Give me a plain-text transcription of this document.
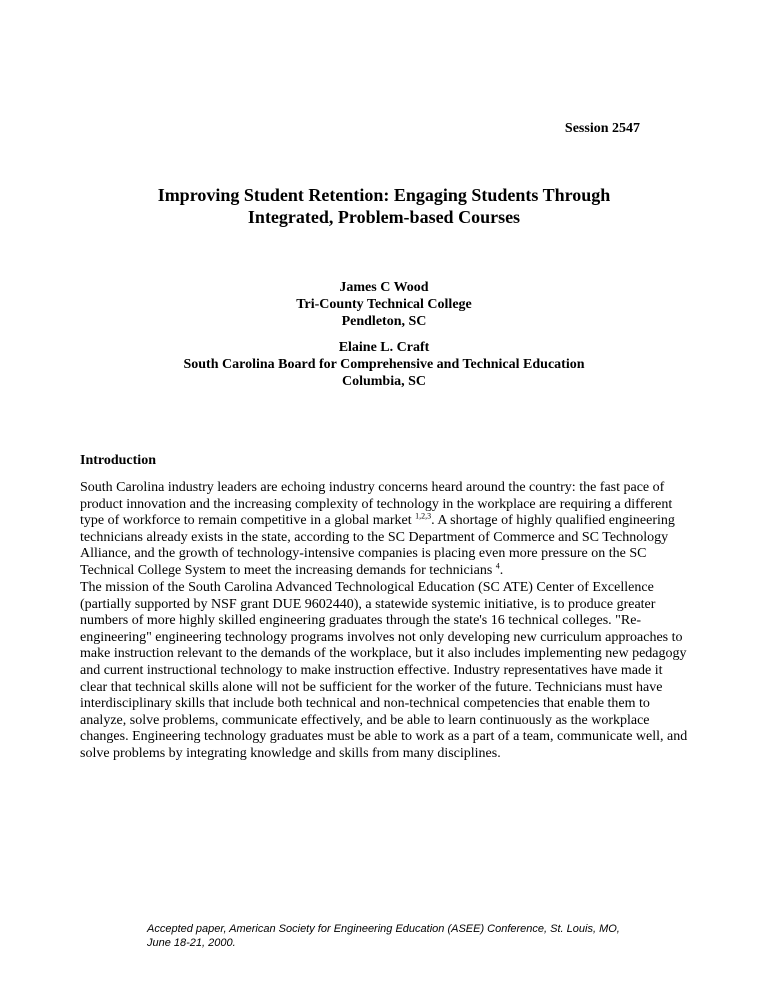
Session 2547
Improving Student Retention: Engaging Students Through
Integrated, Problem-based Courses
James C Wood
Tri-County Technical College
Pendleton, SC
Elaine L. Craft
South Carolina Board for Comprehensive and Technical Education
Columbia, SC
Introduction

South Carolina industry leaders are echoing industry concerns heard around the country: the fast pace of product innovation and the increasing complexity of technology in the workplace are requiring a different type of workforce to remain competitive in a global market $^{1,2,3}$. A shortage of highly qualified engineering technicians already exists in the state, according to the SC Department of Commerce and SC Technology Alliance, and the growth of technology-intensive companies is placing even more pressure on the SC Technical College System to meet the increasing demands for technicians $^4$.

The mission of the South Carolina Advanced Technological Education (SC ATE) Center of Excellence (partially supported by NSF grant DUE 9602440), a statewide systemic initiative, is to produce greater numbers of more highly skilled engineering graduates through the state's 16 technical colleges. "Re-engineering" engineering technology programs involves not only developing new curriculum approaches to make instruction relevant to the demands of the workplace, but it also includes implementing new pedagogy and current instructional technology to make instruction effective. Industry representatives have made it clear that technical skills alone will not be sufficient for the worker of the future. Technicians must have interdisciplinary skills that include both technical and non-technical competencies that enable them to analyze, solve problems, communicate effectively, and be able to learn continuously as the workplace changes. Engineering technology graduates must be able to work as a part of a team, communicate well, and solve problems by integrating knowledge and skills from many disciplines.

Accepted paper, American Society for Engineering Education (ASEE) Conference, St. Louis, MO,
June 18-21, 2000.
